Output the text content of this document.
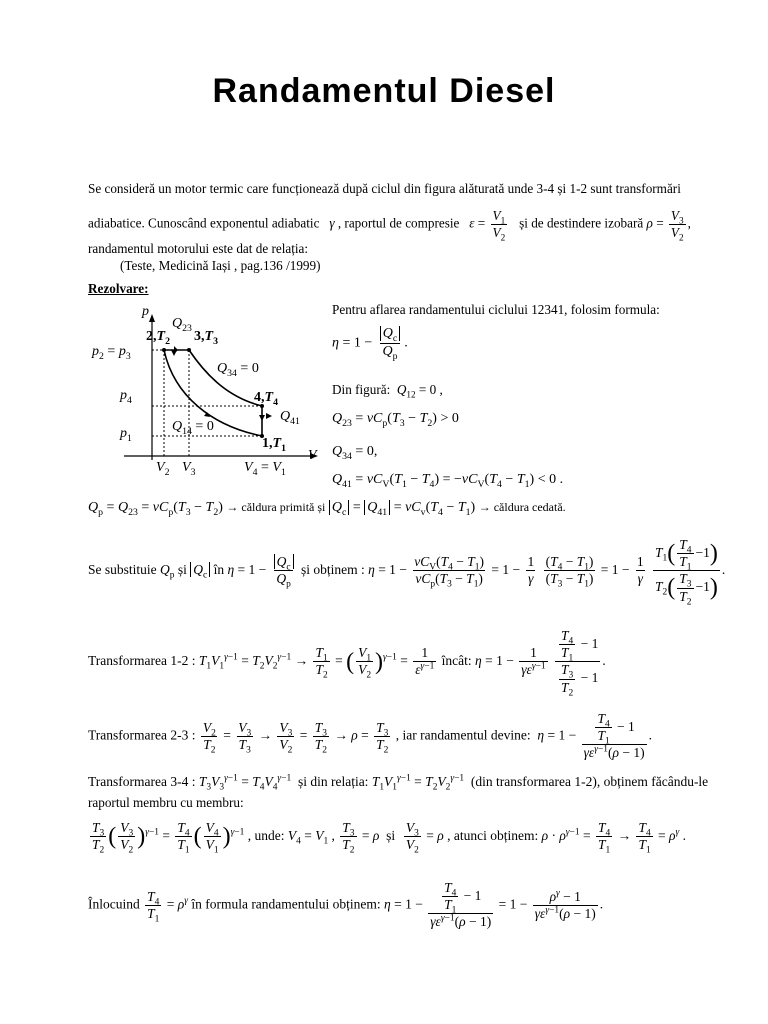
Randamentul Diesel
Se consideră un motor termic care funcționează după ciclul din figura alăturată unde 3-4 și 1-2 sunt transformări
adiabatice. Cunoscând exponentul adiabatic γ , raportul de compresie $\varepsilon = \frac{V_1}{V_2}$ și de destindere izobară $\rho = \frac{V_3}{V_2}$ ,
randamentul motorului este dat de relația:
(Teste, Medicină Iași , pag.136 /1999)
Rezolvare:
p
$Q_{23}$
$2,T_2$ $3,T_3$
$p_2 = p_3$
$Q_{34} = 0$
$p_4$	$4,T_4$
$Q_{41}$
$Q_{14} = 0$
$p_1$	$1,T_1$ V
$V_2$ $V_3$	$V_4 = V_1$
Pentru aflarea randamentului ciclului 12341, folosim formula:
$\eta = 1 - \frac{Q_c}{Q_p}$ .
Din figură: $Q_{12} = 0$ ,
$Q_{23} = \nu C_p(T_3 - T_2) > 0$
$Q_{34} = 0$,
$Q_{41} = \nu C_V(T_1 - T_4) = -\nu C_V(T_4 - T_1) < 0$ .
$Q_p = Q_{23} = \nu C_p(T_3 - T_2)$ → căldura primită și $Q_c = Q_{41} = \nu C_v(T_4 - T_1)$ → căldura cedată.
Se substituie $Q_p$ și $Q_c$ în $\eta = 1 - \frac{Q_c}{Q_p}$ și obținem : $\eta = 1 - \frac{\nu C_V(T_4 - T_1)}{\nu C_p(T_3 - T_1)} = 1 - \frac{1}{\gamma}$
$\frac{(T_4 - T_1)}{(T_3 - T_1)} = 1 - \frac{1}{\gamma}$
$\frac{T_1( \frac{T_4}{T_1} -1)}{T_2( \frac{T_3}{T_2} -1)}$ .
Transformarea 1-2 : $T_1V_1^{\gamma-1} = T_2V_2^{\gamma-1} \to \frac{T_1}{T_2}$ = ( $\frac{V_1}{V_2} )^{\gamma-1} = \frac{1}{\varepsilon^{\gamma-1}}$ încât: $\eta = 1 - \frac{1}{\gamma\varepsilon^{\gamma-1}}$
$\frac{\frac{T_4}{T_1} - 1}{\frac{T_3}{T_2} - 1}$ .
Transformarea 2-3 : $\frac{V_2}{T_2} = \frac{V_3}{T_3} \to \frac{V_3}{V_2} = \frac{T_3}{T_2} \to \rho = \frac{T_3}{T_2}$ , iar randamentul devine: $\eta = 1 - \frac{\frac{T_4}{T_1} - 1}{\gamma\varepsilon^{\gamma-1}(\rho - 1)}$ .
Transformarea 3-4 : $T_3V_3^{\gamma-1} = T_4V_4^{\gamma-1}$ și din relația: $T_1V_1^{\gamma-1} = T_2V_2^{\gamma-1}$ (din transformarea 1-2), obținem făcându-le
raportul membru cu membru:
$\frac{T_3}{T_2}$ ( $\frac{V_3}{V_2} )^{\gamma-1} = \frac{T_4}{T_1}$ ( $\frac{V_4}{V_1} )^{\gamma-1}$ , unde: $V_4 = V_1$ , $\frac{T_3}{T_2} = \rho$ și $\frac{V_3}{V_2} = \rho$ , atunci obținem: $\rho \cdot \rho^{\gamma-1} = \frac{T_4}{T_1} \to \frac{T_4}{T_1} = \rho^\gamma$ .
Înlocuind $\frac{T_4}{T_1} = \rho^\gamma$ în formula randamentului obținem: $\eta = 1 - \frac{\frac{T_4}{T_1} - 1}{\gamma\varepsilon^{\gamma-1}(\rho - 1)} = 1 - \frac{\rho^\gamma - 1}{\gamma\varepsilon^{\gamma-1}(\rho - 1)}$ .
